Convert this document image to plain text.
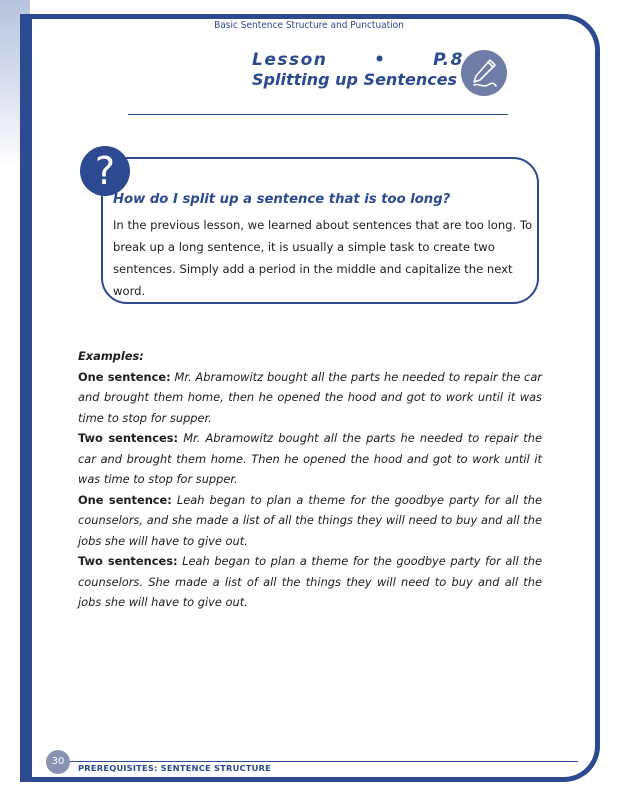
Basic Sentence Structure and Punctuation
Lesson	•	P.8
Splitting up Sentences
?
How do I split up a sentence that is too long?

In the previous lesson, we learned about sentences that are too long. To break up a long sentence, it is usually a simple task to create two sentences. Simply add a period in the middle and capitalize the next word.

Examples:

One sentence: Mr. Abramowitz bought all the parts he needed to repair the car and brought them home, then he opened the hood and got to work until it was time to stop for supper.

Two sentences: Mr. Abramowitz bought all the parts he needed to repair the car and brought them home. Then he opened the hood and got to work until it was time to stop for supper.

One sentence: Leah began to plan a theme for the goodbye party for all the counselors, and she made a list of all the things they will need to buy and all the jobs she will have to give out.

Two sentences: Leah began to plan a theme for the goodbye party for all the counselors. She made a list of all the things they will need to buy and all the jobs she will have to give out.

30
PREREQUISITES: SENTENCE STRUCTURE
